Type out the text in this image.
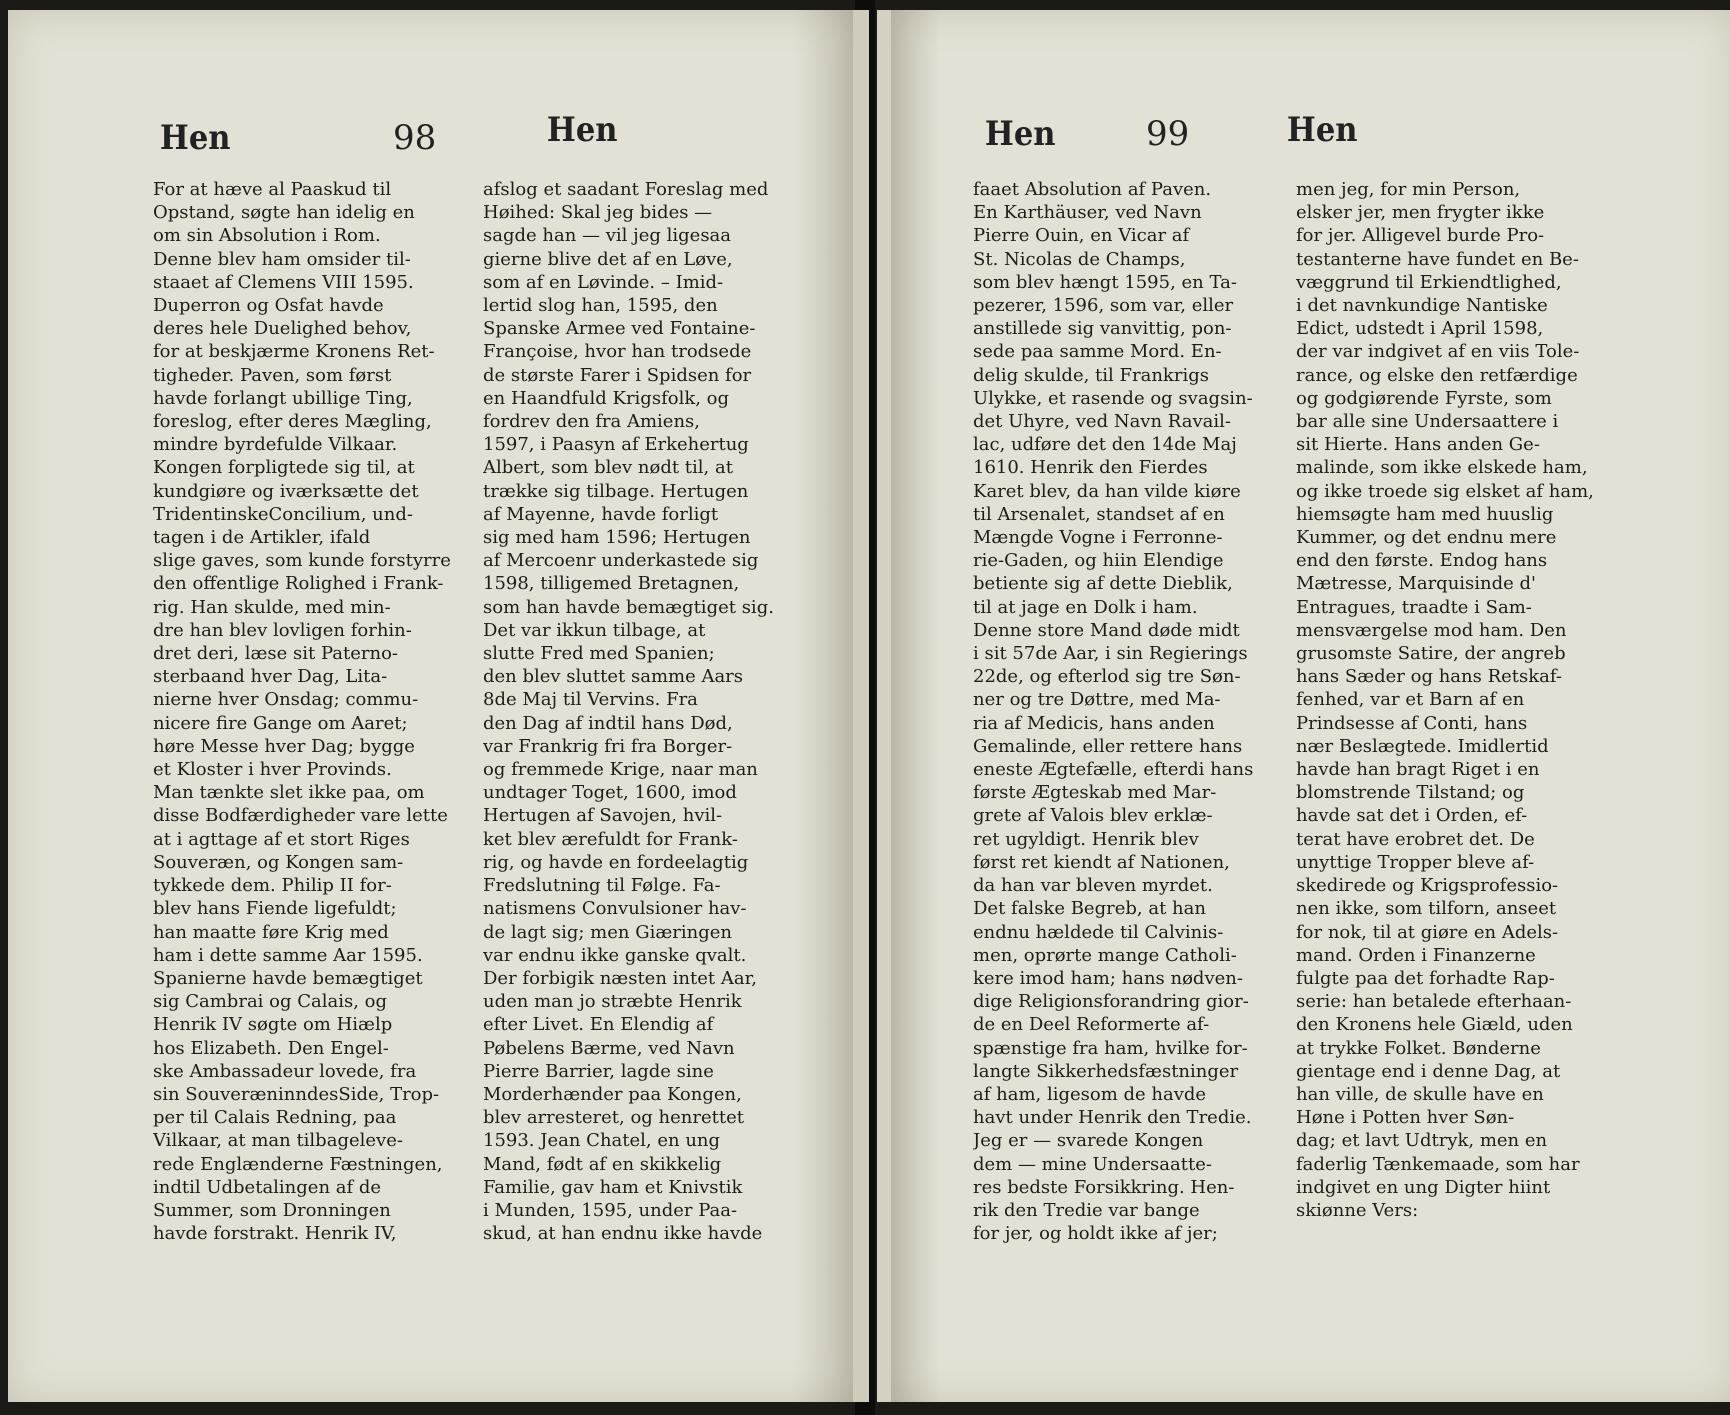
Hen	98	Hen
For at hæve al Paaskud til
Opstand, søgte han idelig en
om sin Absolution i Rom.
Denne blev ham omsider til-
staaet af Clemens VIII 1595.
Duperron og Osfat havde
deres hele Duelighed behov,
for at beskjærme Kronens Ret-
tigheder. Paven, som først
havde forlangt ubillige Ting,
foreslog, efter deres Mægling,
mindre byrdefulde Vilkaar.
Kongen forpligtede sig til, at
kundgiøre og iværksætte det
TridentinskeConcilium, und-
tagen i de Artikler, ifald
slige gaves, som kunde forstyrre
den offentlige Rolighed i Frank-
rig. Han skulde, med min-
dre han blev lovligen forhin-
dret deri, læse sit Paterno-
sterbaand hver Dag, Lita-
nierne hver Onsdag; commu-
nicere fire Gange om Aaret;
høre Messe hver Dag; bygge
et Kloster i hver Provinds.
Man tænkte slet ikke paa, om
disse Bodfærdigheder vare lette
at i agttage af et stort Riges
Souveræn, og Kongen sam-
tykkede dem. Philip II for-
blev hans Fiende ligefuldt;
han maatte føre Krig med
ham i dette samme Aar 1595.
Spanierne havde bemægtiget
sig Cambrai og Calais, og
Henrik IV søgte om Hiælp
hos Elizabeth. Den Engel-
ske Ambassadeur lovede, fra
sin SouveræninndesSide, Trop-
per til Calais Redning, paa
Vilkaar, at man tilbagelevе-
rede Englænderne Fæstningen,
indtil Udbetalingen af de
Summer, som Dronningen
havde forstrakt. Henrik IV,
afslog et saadant Foreslag med
Høihed: Skal jeg bides —
sagde han — vil jeg ligesaa
gierne blive det af en Løve,
som af en Løvinde. – Imid-
lertid slog han, 1595, den
Spanske Armee ved Fontaine-
Françoise, hvor han trodsede
de største Farer i Spidsen for
en Haandfuld Krigsfolk, og
fordrev den fra Amiens,
1597, i Paasyn af Erkehertug
Albert, som blev nødt til, at
trække sig tilbage. Hertugen
af Mayenne, havde forligt
sig med ham 1596; Hertugen
af Mercoenr underkastede sig
1598, tilligemed Bretagnen,
som han havde bemægtiget sig.
Det var ikkun tilbage, at
slutte Fred med Spanien;
den blev sluttet samme Aars
8de Maj til Vervins. Fra
den Dag af indtil hans Død,
var Frankrig fri fra Borger-
og fremmede Krige, naar man
undtager Toget, 1600, imod
Hertugen af Savojen, hvil-
ket blev ærefuldt for Frank-
rig, og havde en fordeelagtig
Fredslutning til Følge. Fa-
natismens Convulsioner hav-
de lagt sig; men Giæringen
var endnu ikke ganske qvalt.
Der forbigik næsten intet Aar,
uden man jo stræbte Henrik
efter Livet. En Elendig af
Pøbelens Bærme, ved Navn
Pierre Barrier, lagde sine
Morderhænder paa Kongen,
blev arresteret, og henrettet
1593. Jean Chatel, en ung
Mand, født af en skikkelig
Familie, gav ham et Knivstik
i Munden, 1595, under Paa-
skud, at han endnu ikke havde
Hen	99	Hen
faaet Absolution af Paven.
En Karthäuser, ved Navn
Pierre Ouin, en Vicar af
St. Nicolas de Champs,
som blev hængt 1595, en Ta-
pezerer, 1596, som var, eller
anstillede sig vanvittig, pon-
sede paa samme Mord. En-
delig skulde, til Frankrigs
Ulykke, et rasende og svagsin-
det Uhyre, ved Navn Ravail-
lac, udføre det den 14de Maj
1610. Henrik den Fierdes
Karet blev, da han vilde kiøre
til Arsenalet, standset af en
Mængde Vogne i Ferronne-
rie-Gaden, og hiin Elendige
betiente sig af dette Dieblik,
til at jage en Dolk i ham.
Denne store Mand døde midt
i sit 57de Aar, i sin Regierings
22de, og efterlod sig tre Søn-
ner og tre Døttre, med Ma-
ria af Medicis, hans anden
Gemalinde, eller rettere hans
eneste Ægtefælle, efterdi hans
første Ægteskab med Mar-
grete af Valois blev erklæ-
ret ugyldigt. Henrik blev
først ret kiendt af Nationen,
da han var bleven myrdet.
Det falske Begreb, at han
endnu hældede til Calvinis-
men, oprørte mange Catholi-
kere imod ham; hans nødven-
dige Religionsforandring gior-
de en Deel Reformerte af-
spænstige fra ham, hvilke for-
langte Sikkerhedsfæstninger
af ham, ligesom de havde
havt under Henrik den Tredie.
Jeg er — svarede Kongen
dem — mine Undersaatte-
res bedste Forsikkring. Hen-
rik den Tredie var bange
for jer, og holdt ikke af jer;
men jeg, for min Person,
elsker jer, men frygter ikke
for jer. Alligevel burde Pro-
testanterne have fundet en Be-
væggrund til Erkiendtlighed,
i det navnkundige Nantiske
Edict, udstedt i April 1598,
der var indgivet af en viis Tole-
rance, og elske den retfærdige
og godgiørende Fyrste, som
bar alle sine Undersaattere i
sit Hierte. Hans anden Ge-
malinde, som ikke elskede ham,
og ikke troede sig elsket af ham,
hiemsøgte ham med huuslig
Kummer, og det endnu mere
end den første. Endog hans
Mætresse, Marquisinde d'
Entragues, traadte i Sam-
mensværgelse mod ham. Den
grusomste Satire, der angreb
hans Sæder og hans Retskaf-
fenhed, var et Barn af en
Prindsesse af Conti, hans
nær Beslægtede. Imidlertid
havde han bragt Riget i en
blomstrende Tilstand; og
havde sat det i Orden, ef-
terat have erobret det. De
unyttige Tropper bleve af-
skediгede og Krigsprofessio-
nen ikke, som tilforn, anseet
for nok, til at giøre en Adels-
mand. Orden i Finanzerne
fulgte paa det forhadte Rap-
serie: han betalede efterhaan-
den Kronens hele Giæld, uden
at trykke Folket. Bønderne
gientage end i denne Dag, at
han ville, de skulle have en
Høne i Potten hver Søn-
dag; et lavt Udtryk, men en
faderlig Tænkemaade, som har
indgivet en ung Digter hiint
skiønne Vers:
